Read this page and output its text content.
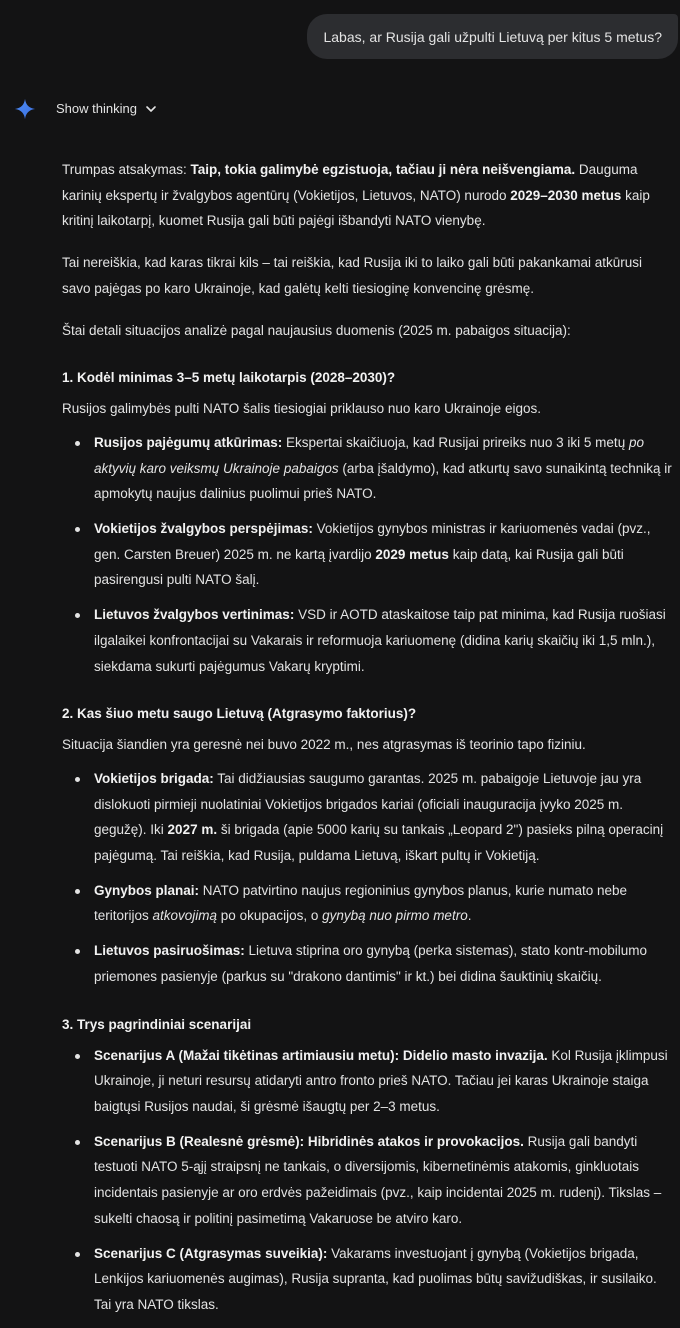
Labas, ar Rusija gali užpulti Lietuvą per kitus 5 metus?
Show thinking

Trumpas atsakymas: Taip, tokia galimybė egzistuoja, tačiau ji nėra neišvengiama. Dauguma karinių ekspertų ir žvalgybos agentūrų (Vokietijos, Lietuvos, NATO) nurodo 2029–2030 metus kaip kritinį laikotarpį, kuomet Rusija gali būti pajėgi išbandyti NATO vienybę.

Tai nereiškia, kad karas tikrai kils – tai reiškia, kad Rusija iki to laiko gali būti pakankamai atkūrusi savo pajėgas po karo Ukrainoje, kad galėtų kelti tiesioginę konvencinę grėsmę.

Štai detali situacijos analizė pagal naujausius duomenis (2025 m. pabaigos situacija):

1. Kodėl minimas 3–5 metų laikotarpis (2028–2030)?

Rusijos galimybės pulti NATO šalis tiesiogiai priklauso nuo karo Ukrainoje eigos.

Rusijos pajėgumų atkūrimas: Ekspertai skaičiuoja, kad Rusijai prireiks nuo 3 iki 5 metų po aktyvių karo veiksmų Ukrainoje pabaigos (arba įšaldymo), kad atkurtų savo sunaikintą techniką ir apmokytų naujus dalinius puolimui prieš NATO.
Vokietijos žvalgybos perspėjimas: Vokietijos gynybos ministras ir kariuomenės vadai (pvz., gen. Carsten Breuer) 2025 m. ne kartą įvardijo 2029 metus kaip datą, kai Rusija gali būti pasirengusi pulti NATO šalį.
Lietuvos žvalgybos vertinimas: VSD ir AOTD ataskaitose taip pat minima, kad Rusija ruošiasi ilgalaikei konfrontacijai su Vakarais ir reformuoja kariuomenę (didina karių skaičių iki 1,5 mln.), siekdama sukurti pajėgumus Vakarų kryptimi.
2. Kas šiuo metu saugo Lietuvą (Atgrasymo faktorius)?

Situacija šiandien yra geresnė nei buvo 2022 m., nes atgrasymas iš teorinio tapo fiziniu.

Vokietijos brigada: Tai didžiausias saugumo garantas. 2025 m. pabaigoje Lietuvoje jau yra dislokuoti pirmieji nuolatiniai Vokietijos brigados kariai (oficiali inauguracija įvyko 2025 m. gegužę). Iki 2027 m. ši brigada (apie 5000 karių su tankais „Leopard 2") pasieks pilną operacinį pajėgumą. Tai reiškia, kad Rusija, puldama Lietuvą, iškart pultų ir Vokietiją.
Gynybos planai: NATO patvirtino naujus regioninius gynybos planus, kurie numato nebe teritorijos atkovojimą po okupacijos, o gynybą nuo pirmo metro.
Lietuvos pasiruošimas: Lietuva stiprina oro gynybą (perka sistemas), stato kontr-mobilumo priemones pasienyje (parkus su "drakono dantimis" ir kt.) bei didina šauktinių skaičių.
3. Trys pagrindiniai scenarijai
Scenarijus A (Mažai tikėtinas artimiausiu metu): Didelio masto invazija. Kol Rusija įklimpusi Ukrainoje, ji neturi resursų atidaryti antro fronto prieš NATO. Tačiau jei karas Ukrainoje staiga baigtųsi Rusijos naudai, ši grėsmė išaugtų per 2–3 metus.
Scenarijus B (Realesnė grėsmė): Hibridinės atakos ir provokacijos. Rusija gali bandyti testuoti NATO 5-ąjį straipsnį ne tankais, o diversijomis, kibernetinėmis atakomis, ginkluotais incidentais pasienyje ar oro erdvės pažeidimais (pvz., kaip incidentai 2025 m. rudenį). Tikslas – sukelti chaosą ir politinį pasimetimą Vakaruose be atviro karo.
Scenarijus C (Atgrasymas suveikia): Vakarams investuojant į gynybą (Vokietijos brigada, Lenkijos kariuomenės augimas), Rusija supranta, kad puolimas būtų savižudiškas, ir susilaiko. Tai yra NATO tikslas.
